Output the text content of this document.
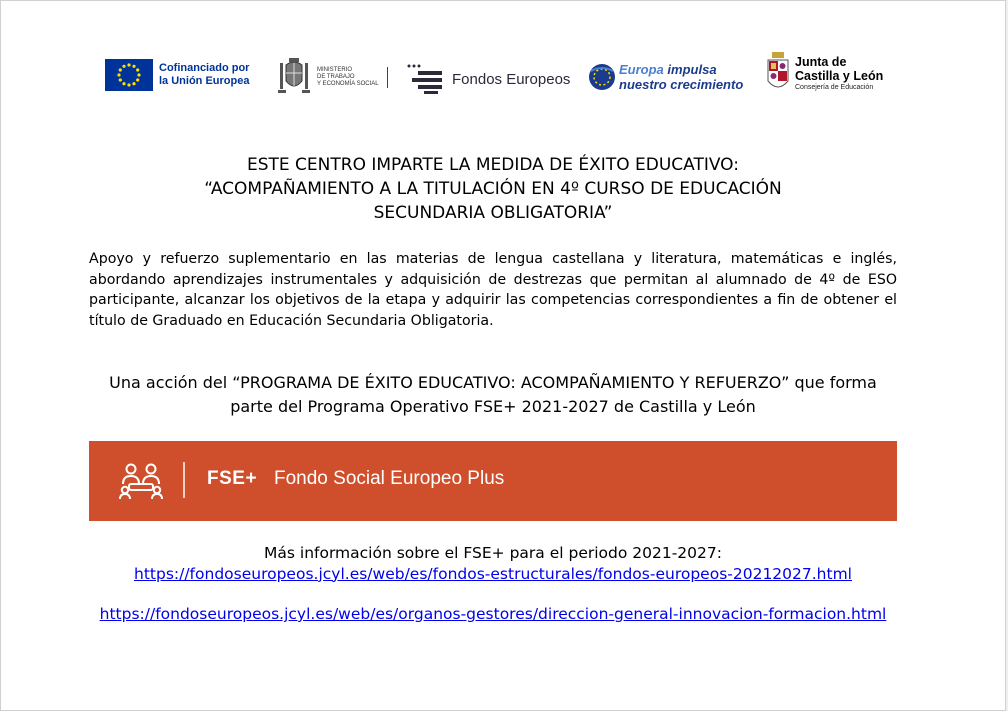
Cofinanciado por
la Unión Europea
MINISTERIO
DE TRABAJO
Y ECONOMÍA SOCIAL	Fondos Europeos
Europa impulsa
nuestro crecimiento
Junta de
Castilla y León
Consejería de Educación
ESTE CENTRO IMPARTE LA MEDIDA DE ÉXITO EDUCATIVO:
“ACOMPAÑAMIENTO A LA TITULACIÓN EN 4º CURSO DE EDUCACIÓN
SECUNDARIA OBLIGATORIA”
Apoyo y refuerzo suplementario en las materias de lengua castellana y literatura, matemáticas e inglés, abordando aprendizajes instrumentales y adquisición de destrezas que permitan al alumnado de 4º de ESO participante, alcanzar los objetivos de la etapa y adquirir las competencias correspondientes a fin de obtener el título de Graduado en Educación Secundaria Obligatoria.
Una acción del “PROGRAMA DE ÉXITO EDUCATIVO: ACOMPAÑAMIENTO Y REFUERZO” que forma parte del Programa Operativo FSE+ 2021-2027 de Castilla y León
FSE+ Fondo Social Europeo Plus
Más información sobre el FSE+ para el periodo 2021-2027:
https://fondoseuropeos.jcyl.es/web/es/fondos-estructurales/fondos-europeos-20212027.html
https://fondoseuropeos.jcyl.es/web/es/organos-gestores/direccion-general-innovacion-formacion.html
